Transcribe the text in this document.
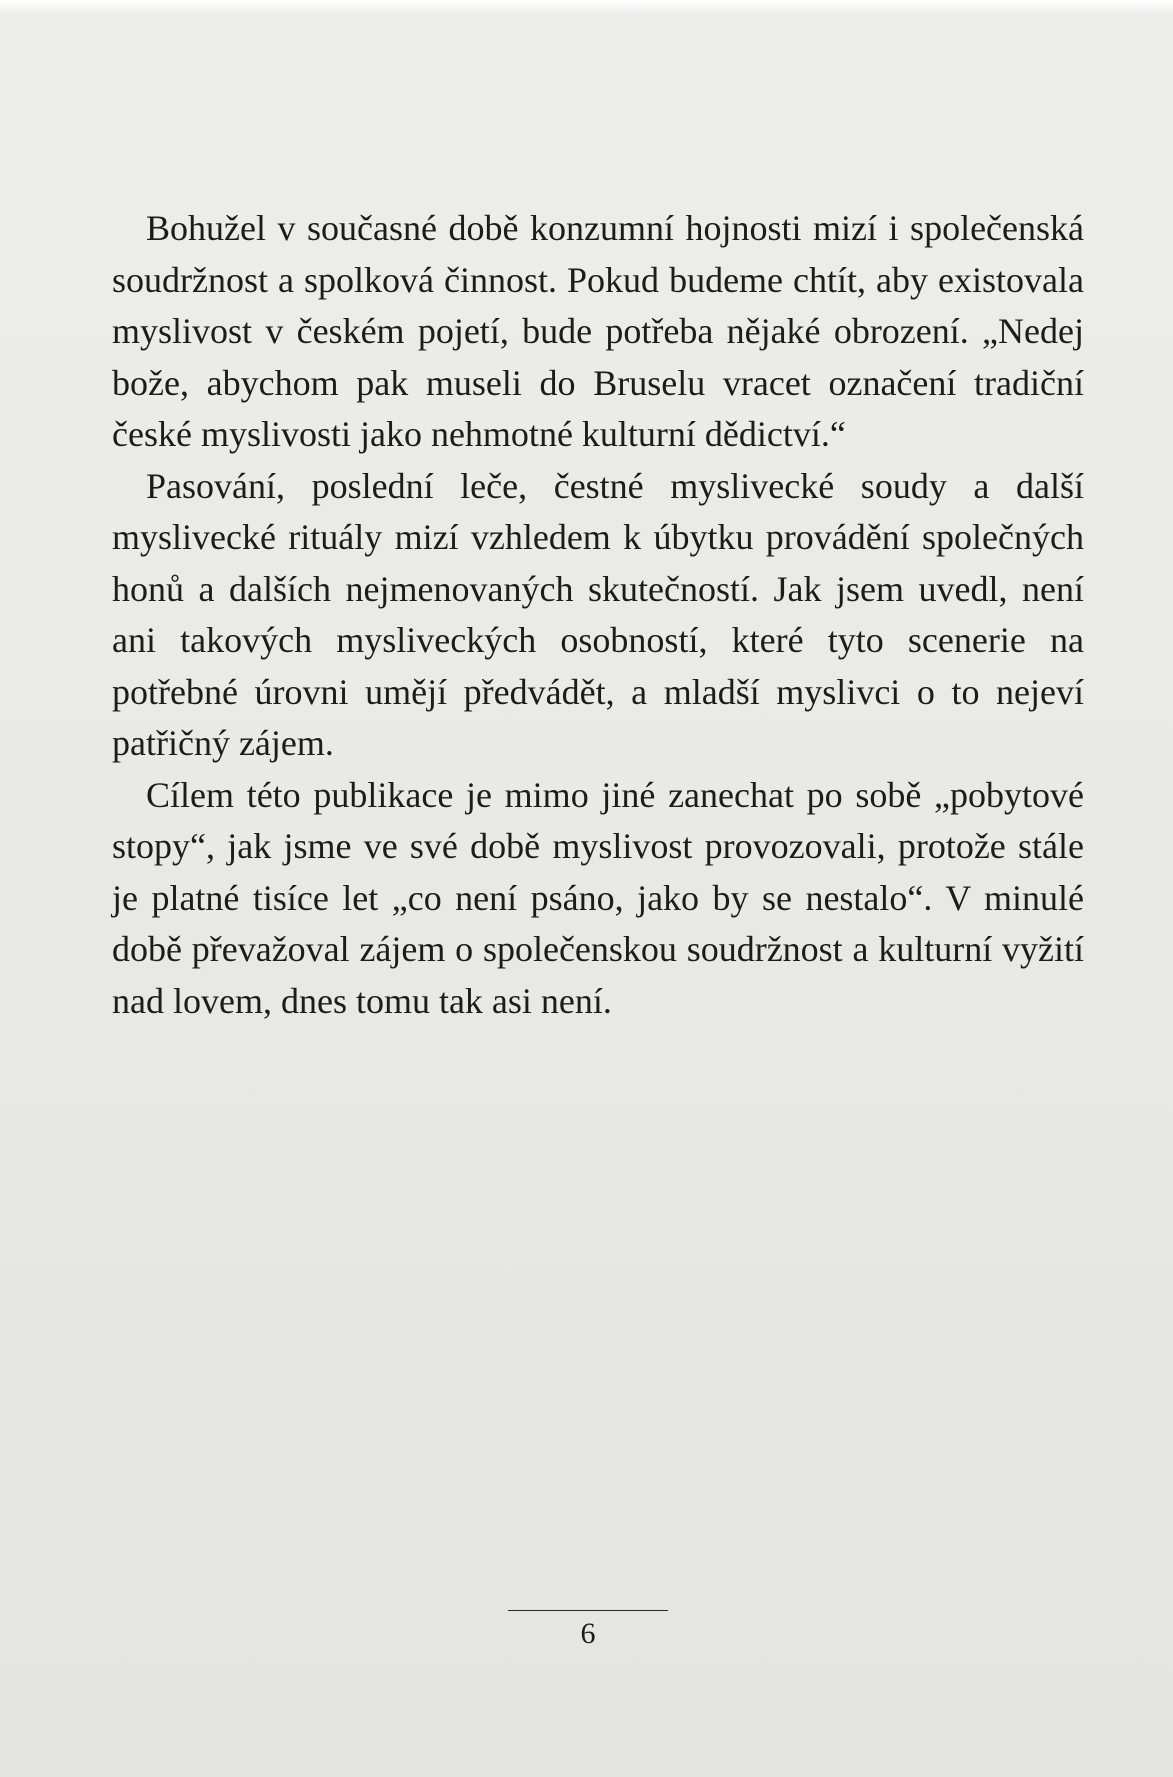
Bohužel v současné době konzumní hojnosti mizí i společenská soudržnost a spolková činnost. Pokud budeme chtít, aby existovala myslivost v českém pojetí, bude potřeba nějaké obrození. „Nedej bože, abychom pak museli do Bruselu vracet označení tradiční české myslivosti jako nehmotné kulturní dědictví.“

Pasování, poslední leče, čestné myslivecké soudy a další myslivecké rituály mizí vzhledem k úbytku provádění společných honů a dalších nejmenovaných skutečností. Jak jsem uvedl, není ani takových mysliveckých osobností, které tyto scenerie na potřebné úrovni umějí předvádět, a mladší myslivci o to nejeví patřičný zájem.

Cílem této publikace je mimo jiné zanechat po sobě „pobytové stopy“, jak jsme ve své době myslivost provozovali, protože stále je platné tisíce let „co není psáno, jako by se nestalo“. V minulé době převažoval zájem o společenskou soudržnost a kulturní vyžití nad lovem, dnes tomu tak asi není.

6
